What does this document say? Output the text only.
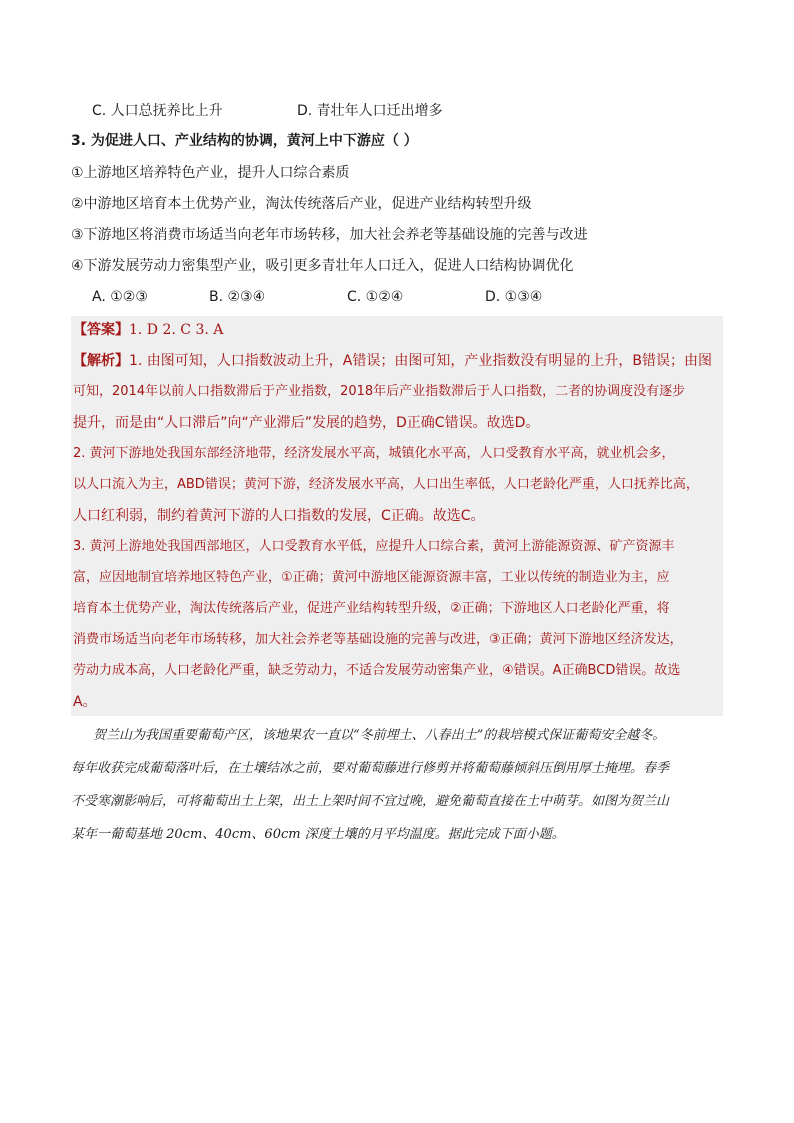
C. 人口总抚养比上升	D. 青壮年人口迁出增多
3. 为促进人口、产业结构的协调，黄河上中下游应（ ）
①上游地区培养特色产业，提升人口综合素质
②中游地区培育本土优势产业，淘汰传统落后产业，促进产业结构转型升级
③下游地区将消费市场适当向老年市场转移，加大社会养老等基础设施的完善与改进
④下游发展劳动力密集型产业，吸引更多青壮年人口迁入，促进人口结构协调优化
A. ①②③	B. ②③④	C. ①②④	D. ①③④
【答案】1. D 2. C 3. A
【解析】1. 由图可知，人口指数波动上升，A错误；由图可知，产业指数没有明显的上升，B错误；由图
可知，2014年以前人口指数滞后于产业指数，2018年后产业指数滞后于人口指数，二者的协调度没有逐步
提升，而是由“人口滞后”向“产业滞后”发展的趋势，D正确C错误。故选D。
2. 黄河下游地处我国东部经济地带，经济发展水平高，城镇化水平高，人口受教育水平高，就业机会多，
以人口流入为主，ABD错误；黄河下游，经济发展水平高，人口出生率低，人口老龄化严重，人口抚养比高，
人口红利弱，制约着黄河下游的人口指数的发展，C正确。故选C。
3. 黄河上游地处我国西部地区，人口受教育水平低，应提升人口综合素，黄河上游能源资源、矿产资源丰
富，应因地制宜培养地区特色产业，①正确；黄河中游地区能源资源丰富，工业以传统的制造业为主，应
培育本土优势产业，淘汰传统落后产业，促进产业结构转型升级，②正确；下游地区人口老龄化严重，将
消费市场适当向老年市场转移，加大社会养老等基础设施的完善与改进，③正确；黄河下游地区经济发达，
劳动力成本高，人口老龄化严重，缺乏劳动力，不适合发展劳动密集产业，④错误。A正确BCD错误。故选
A。
贺兰山为我国重要葡萄产区，该地果农一直以“冬前埋土、八春出土”的栽培模式保证葡萄安全越冬。
每年收获完成葡萄落叶后，在土壤结冰之前，要对葡萄藤进行修剪并将葡萄藤倾斜压倒用厚土掩埋。春季
不受寒潮影响后，可将葡萄出土上架，出土上架时间不宜过晚，避免葡萄直接在土中萌芽。如图为贺兰山
某年一葡萄基地 20cm、40cm、60cm 深度土壤的月平均温度。据此完成下面小题。
